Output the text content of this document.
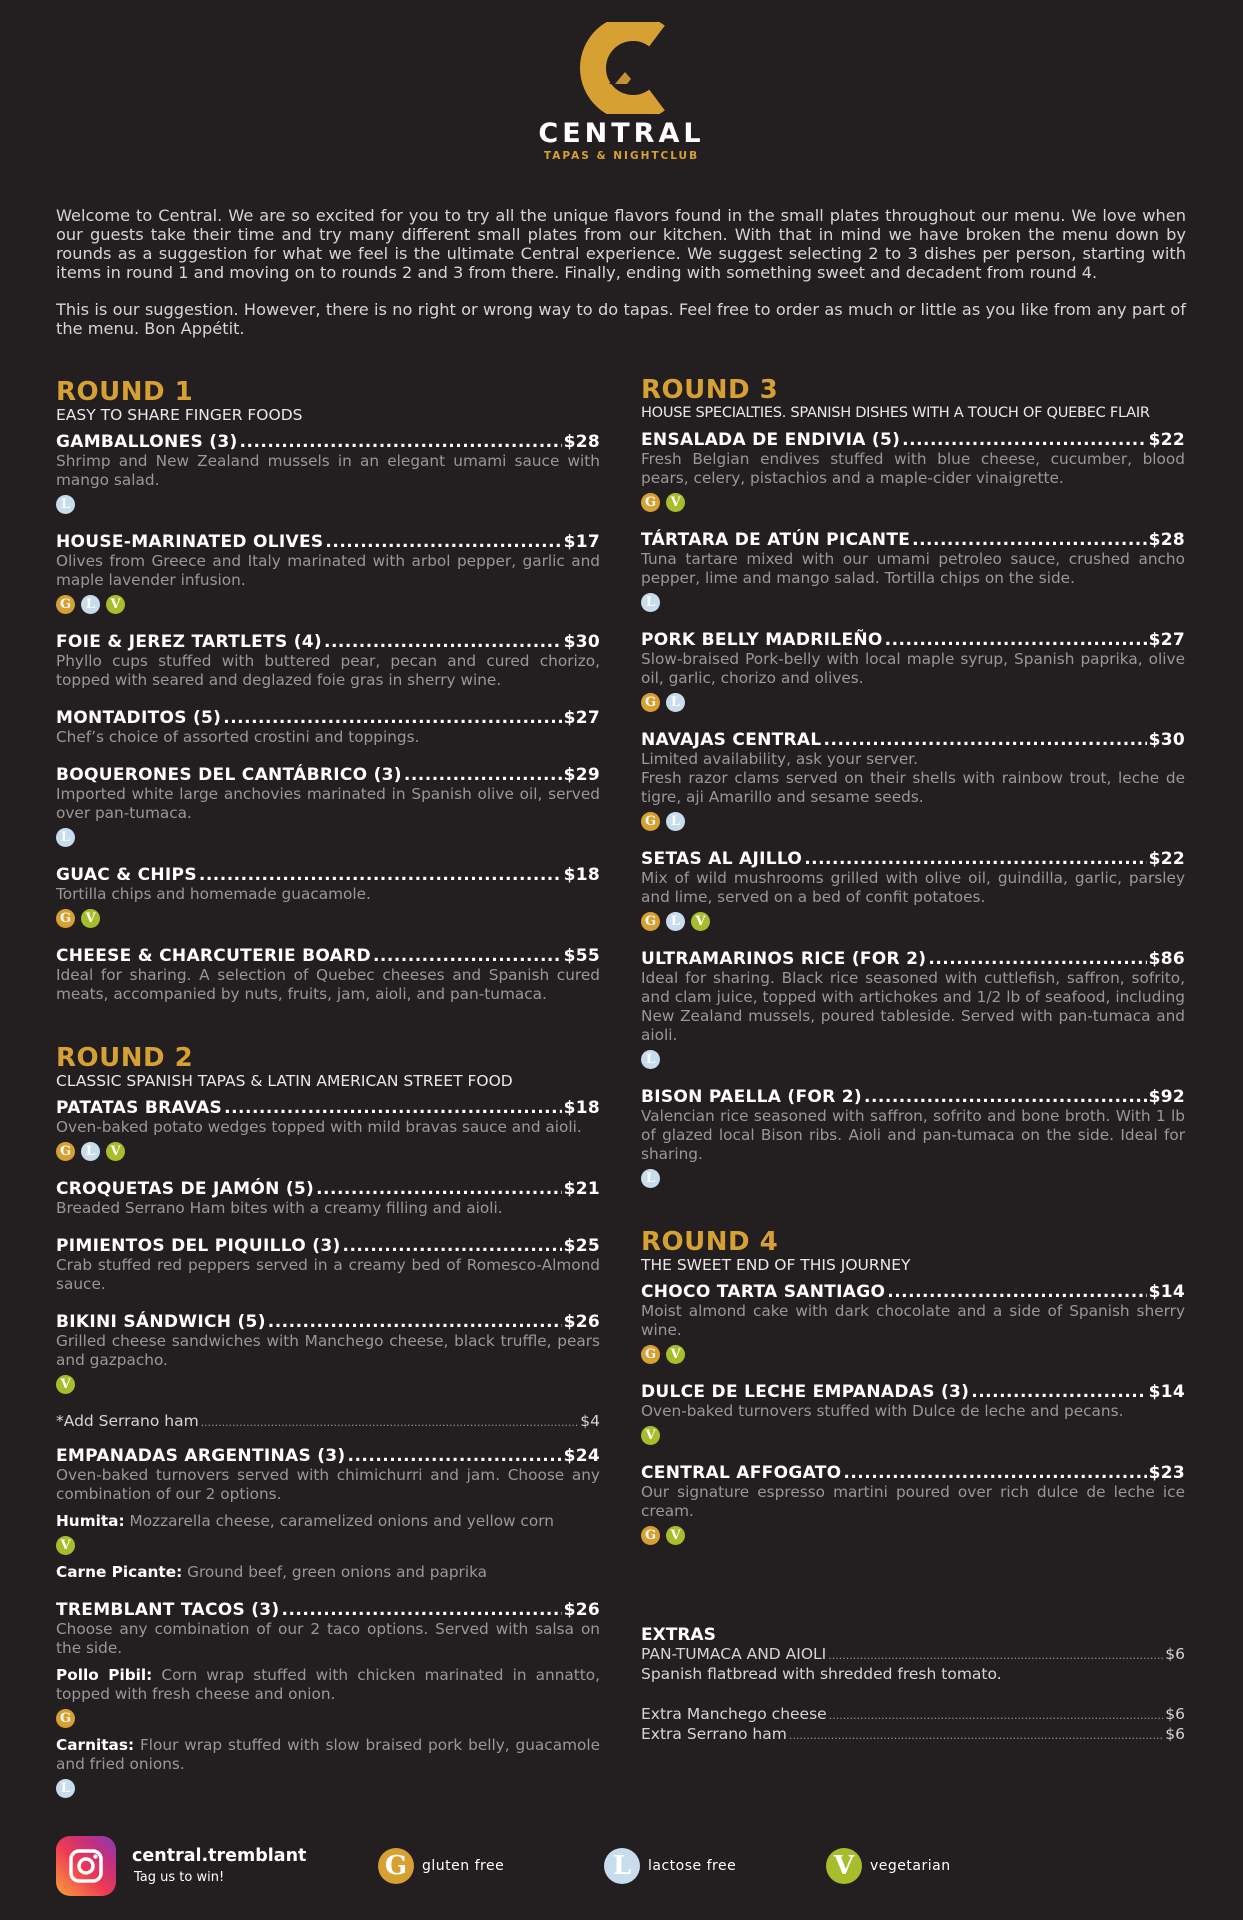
CENTRAL
TAPAS & NIGHTCLUB

Welcome to Central. We are so excited for you to try all the unique flavors found in the small plates throughout our menu. We love when our guests take their time and try many different small plates from our kitchen. With that in mind we have broken the menu down by rounds as a suggestion for what we feel is the ultimate Central experience. We suggest selecting 2 to 3 dishes per person, starting with items in round 1 and moving on to rounds 2 and 3 from there. Finally, ending with something sweet and decadent from round 4.

This is our suggestion. However, there is no right or wrong way to do tapas. Feel free to order as much or little as you like from any part of the menu. Bon Appétit.

ROUND 1
EASY TO SHARE FINGER FOODS
GAMBALLONES (3) .....	$28
Shrimp and New Zealand mussels in an elegant umami sauce with mango salad.
L
HOUSE-MARINATED OLIVES .....	$17
Olives from Greece and Italy marinated with arbol pepper, garlic and maple lavender infusion.
G	L	V
FOIE & JEREZ TARTLETS (4) .....	$30
Phyllo cups stuffed with buttered pear, pecan and cured chorizo, topped with seared and deglazed foie gras in sherry wine.
MONTADITOS (5) .....	$27
Chef’s choice of assorted crostini and toppings.
BOQUERONES DEL CANTÁBRICO (3) .....	$29
Imported white large anchovies marinated in Spanish olive oil, served over pan-tumaca.
L
GUAC & CHIPS .....	$18
Tortilla chips and homemade guacamole.
G	V
CHEESE & CHARCUTERIE BOARD .....	$55
Ideal for sharing. A selection of Quebec cheeses and Spanish cured meats, accompanied by nuts, fruits, jam, aioli, and pan-tumaca.
ROUND 2
CLASSIC SPANISH TAPAS & LATIN AMERICAN STREET FOOD
PATATAS BRAVAS .....	$18
Oven-baked potato wedges topped with mild bravas sauce and aioli.
G	L	V
CROQUETAS DE JAMÓN (5) .....	$21
Breaded Serrano Ham bites with a creamy filling and aioli.
PIMIENTOS DEL PIQUILLO (3) .....	$25
Crab stuffed red peppers served in a creamy bed of Romesco-Almond sauce.
BIKINI SÁNDWICH (5) .....	$26
Grilled cheese sandwiches with Manchego cheese, black truffle, pears and gazpacho.
V
*Add Serrano ham .....	$4
EMPANADAS ARGENTINAS (3) .....	$24
Oven-baked turnovers served with chimichurri and jam. Choose any combination of our 2 options.
Humita: Mozzarella cheese, caramelized onions and yellow corn
V
Carne Picante: Ground beef, green onions and paprika
TREMBLANT TACOS (3) .....	$26
Choose any combination of our 2 taco options. Served with salsa on the side.
Pollo Pibil: Corn wrap stuffed with chicken marinated in annatto, topped with fresh cheese and onion.
G
Carnitas: Flour wrap stuffed with slow braised pork belly, guacamole and fried onions.
L
ROUND 3
HOUSE SPECIALTIES. SPANISH DISHES WITH A TOUCH OF QUEBEC FLAIR
ENSALADA DE ENDIVIA (5) .....	$22
Fresh Belgian endives stuffed with blue cheese, cucumber, blood pears, celery, pistachios and a maple-cider vinaigrette.
G	V
TÁRTARA DE ATÚN PICANTE .....	$28
Tuna tartare mixed with our umami petroleo sauce, crushed ancho pepper, lime and mango salad. Tortilla chips on the side.
L
PORK BELLY MADRILEÑO .....	$27
Slow-braised Pork-belly with local maple syrup, Spanish paprika, olive oil, garlic, chorizo and olives.
G	L
NAVAJAS CENTRAL .....	$30
Limited availability, ask your server.
Fresh razor clams served on their shells with rainbow trout, leche de tigre, aji Amarillo and sesame seeds.
G	L
SETAS AL AJILLO .....	$22
Mix of wild mushrooms grilled with olive oil, guindilla, garlic, parsley and lime, served on a bed of confit potatoes.
G	L	V
ULTRAMARINOS RICE (FOR 2) .....	$86
Ideal for sharing. Black rice seasoned with cuttlefish, saffron, sofrito, and clam juice, topped with artichokes and 1/2 lb of seafood, including New Zealand mussels, poured tableside. Served with pan-tumaca and aioli.
L
BISON PAELLA (FOR 2) .....	$92
Valencian rice seasoned with saffron, sofrito and bone broth. With 1 lb of glazed local Bison ribs. Aioli and pan-tumaca on the side. Ideal for sharing.
L
ROUND 4
THE SWEET END OF THIS JOURNEY
CHOCO TARTA SANTIAGO .....	$14
Moist almond cake with dark chocolate and a side of Spanish sherry wine.
G	V
DULCE DE LECHE EMPANADAS (3) .....	$14
Oven-baked turnovers stuffed with Dulce de leche and pecans.
V
CENTRAL AFFOGATO .....	$23
Our signature espresso martini poured over rich dulce de leche ice cream.
G	V
EXTRAS
PAN-TUMACA AND AIOLI .....	$6
Spanish flatbread with shredded fresh tomato.
Extra Manchego cheese .....	$6
Extra Serrano ham .....	$6
central.tremblant
Tag us to win!	G	gluten free	L	lactose free	V	vegetarian
